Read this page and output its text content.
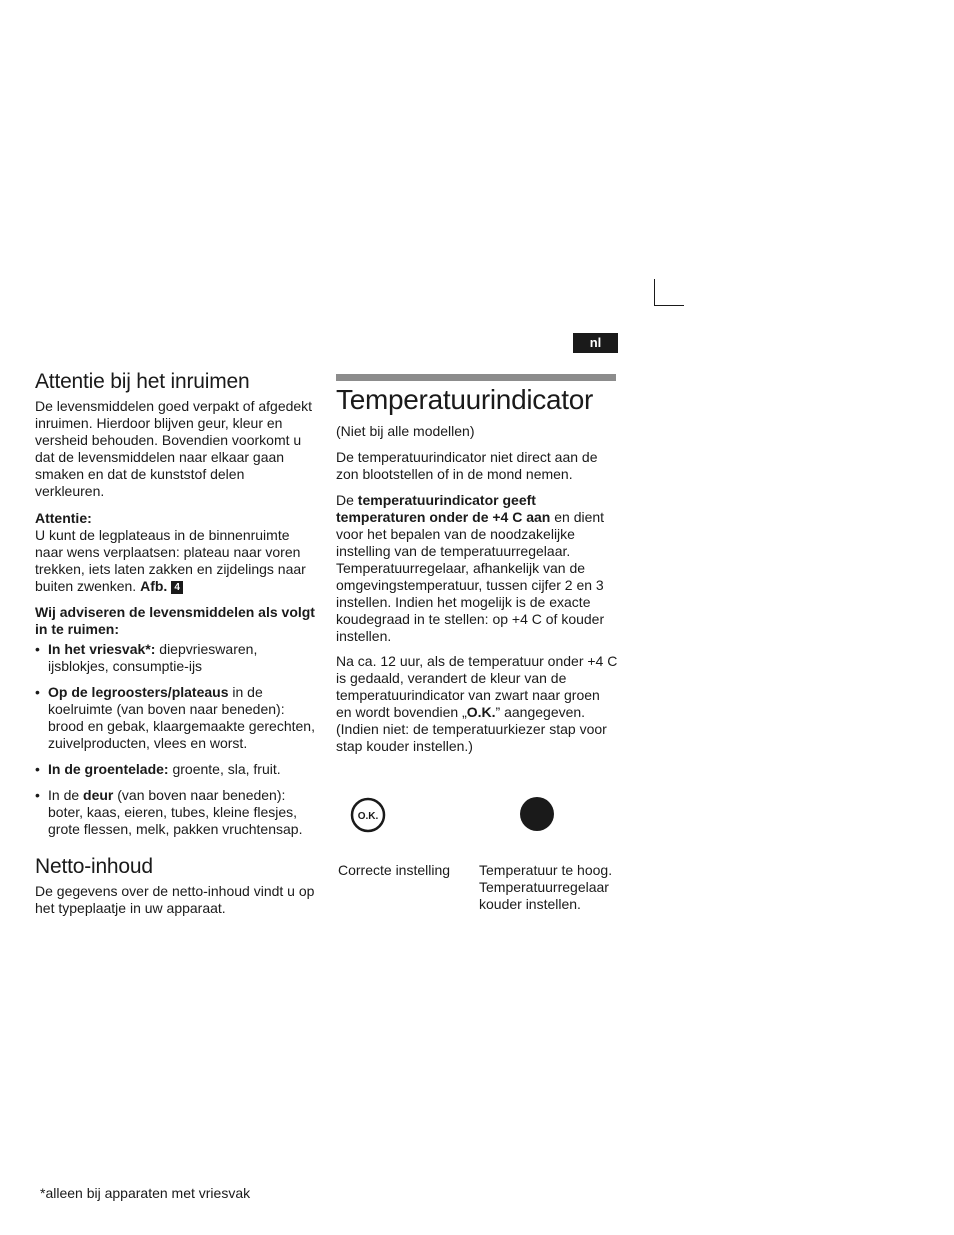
nl
Attentie bij het inruimen

De levensmiddelen goed verpakt of afgedekt inruimen. Hierdoor blijven geur, kleur en versheid behouden. Bovendien voorkomt u dat de levensmiddelen naar elkaar gaan smaken en dat de kunststof delen verkleuren.

Attentie:

U kunt de legplateaus in de binnenruimte naar wens verplaatsen: plateau naar voren trekken, iets laten zakken en zijdelings naar buiten zwenken. Afb. 4

Wij adviseren de levensmiddelen als volgt in te ruimen:

• In het vriesvak*: diepvrieswaren, ijsblokjes, consumptie-ijs
• Op de legroosters/plateaus in de koelruimte (van boven naar beneden): brood en gebak, klaargemaakte gerechten, zuivelproducten, vlees en worst.
• In de groentelade: groente, sla, fruit.
• In de deur (van boven naar beneden): boter, kaas, eieren, tubes, kleine flesjes, grote flessen, melk, pakken vruchtensap.
Netto-inhoud

De gegevens over de netto-inhoud vindt u op het typeplaatje in uw apparaat.

Temperatuurindicator

(Niet bij alle modellen)

De temperatuurindicator niet direct aan de zon blootstellen of in de mond nemen.

De temperatuurindicator geeft temperaturen onder de +4 C aan en dient voor het bepalen van de noodzakelijke instelling van de temperatuurregelaar. Temperatuurregelaar, afhankelijk van de omgevingstemperatuur, tussen cijfer 2 en 3 instellen. Indien het mogelijk is de exacte koudegraad in te stellen: op +4 C of kouder instellen.

Na ca. 12 uur, als de temperatuur onder +4 C is gedaald, verandert de kleur van de temperatuurindicator van zwart naar groen en wordt bovendien „O.K.” aangegeven. (Indien niet: de temperatuurkiezer stap voor stap kouder instellen.)

O.K.
Correcte instelling	Temperatuur te hoog. Temperatuurregelaar kouder instellen.
*alleen bij apparaten met vriesvak
